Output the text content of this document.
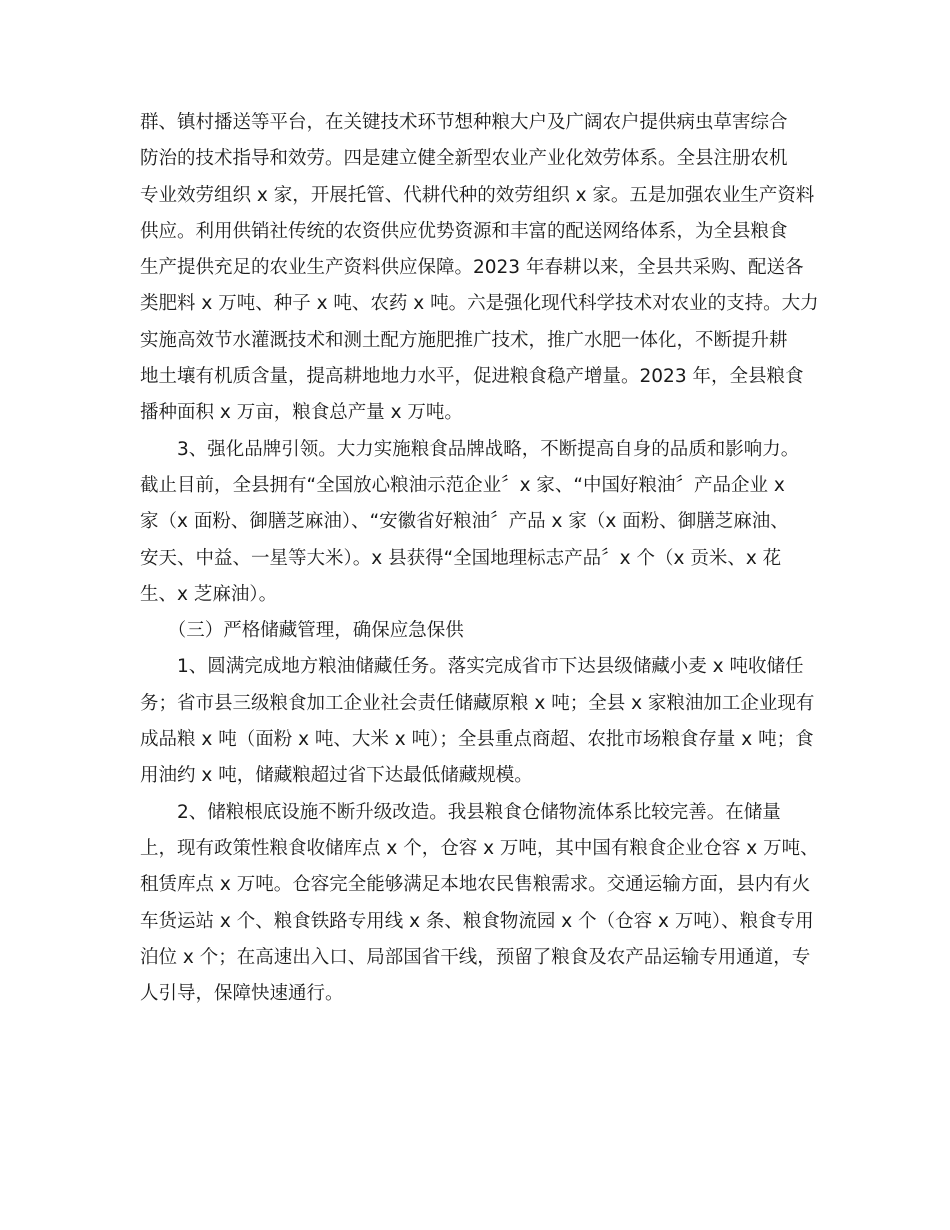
群、镇村播送等平台，在关键技术环节想种粮大户及广阔农户提供病虫草害综合
防治的技术指导和效劳。四是建立健全新型农业产业化效劳体系。全县注册农机
专业效劳组织 x 家，开展托管、代耕代种的效劳组织 x 家。五是加强农业生产资料
供应。利用供销社传统的农资供应优势资源和丰富的配送网络体系，为全县粮食
生产提供充足的农业生产资料供应保障。2023 年春耕以来，全县共采购、配送各
类肥料 x 万吨、种子 x 吨、农药 x 吨。六是强化现代科学技术对农业的支持。大力
实施高效节水灌溉技术和测土配方施肥推广技术，推广水肥一体化，不断提升耕
地土壤有机质含量，提高耕地地力水平，促进粮食稳产增量。2023 年，全县粮食
播种面积 x 万亩，粮食总产量 x 万吨。
　　3、强化品牌引领。大力实施粮食品牌战略，不断提高自身的品质和影响力。
截止目前，全县拥有“全国放心粮油示范企业〞x 家、“中国好粮油〞产品企业 x
家（x 面粉、御膳芝麻油）、“安徽省好粮油〞产品 x 家（x 面粉、御膳芝麻油、
安天、中益、一星等大米）。x 县获得“全国地理标志产品〞x 个（x 贡米、x 花
生、x 芝麻油）。
　　（三）严格储藏管理，确保应急保供
　　1、圆满完成地方粮油储藏任务。落实完成省市下达县级储藏小麦 x 吨收储任
务；省市县三级粮食加工企业社会责任储藏原粮 x 吨；全县 x 家粮油加工企业现有
成品粮 x 吨（面粉 x 吨、大米 x 吨）；全县重点商超、农批市场粮食存量 x 吨；食
用油约 x 吨，储藏粮超过省下达最低储藏规模。
　　2、储粮根底设施不断升级改造。我县粮食仓储物流体系比较完善。在储量
上，现有政策性粮食收储库点 x 个，仓容 x 万吨，其中国有粮食企业仓容 x 万吨、
租赁库点 x 万吨。仓容完全能够满足本地农民售粮需求。交通运输方面，县内有火
车货运站 x 个、粮食铁路专用线 x 条、粮食物流园 x 个（仓容 x 万吨）、粮食专用
泊位 x 个；在高速出入口、局部国省干线，预留了粮食及农产品运输专用通道，专
人引导，保障快速通行。
